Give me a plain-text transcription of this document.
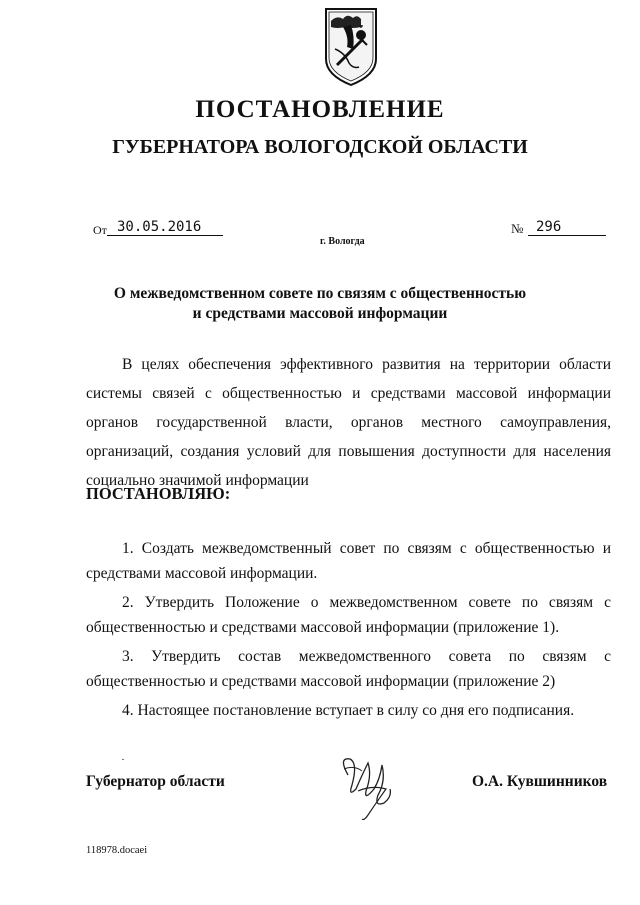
ПОСТАНОВЛЕНИЕ
ГУБЕРНАТОРА ВОЛОГОДСКОЙ ОБЛАСТИ
От 30.05.2016	№ 296
г. Вологда
О межведомственном совете по связям с общественностью
и средствами массовой информации
В целях обеспечения эффективного развития на территории области системы связей с общественностью и средствами массовой информации органов государственной власти, органов местного самоуправления, организаций, создания условий для повышения доступности для населения социально значимой информации
ПОСТАНОВЛЯЮ:

1. Создать межведомственный совет по связям с общественностью и средствами массовой информации.

2. Утвердить Положение о межведомственном совете по связям с общественностью и средствами массовой информации (приложение 1).

3. Утвердить состав межведомственного совета по связям с общественностью и средствами массовой информации (приложение 2)

4. Настоящее постановление вступает в силу со дня его подписания.

Губернатор области	О.А. Кувшинников
118978.docaei
